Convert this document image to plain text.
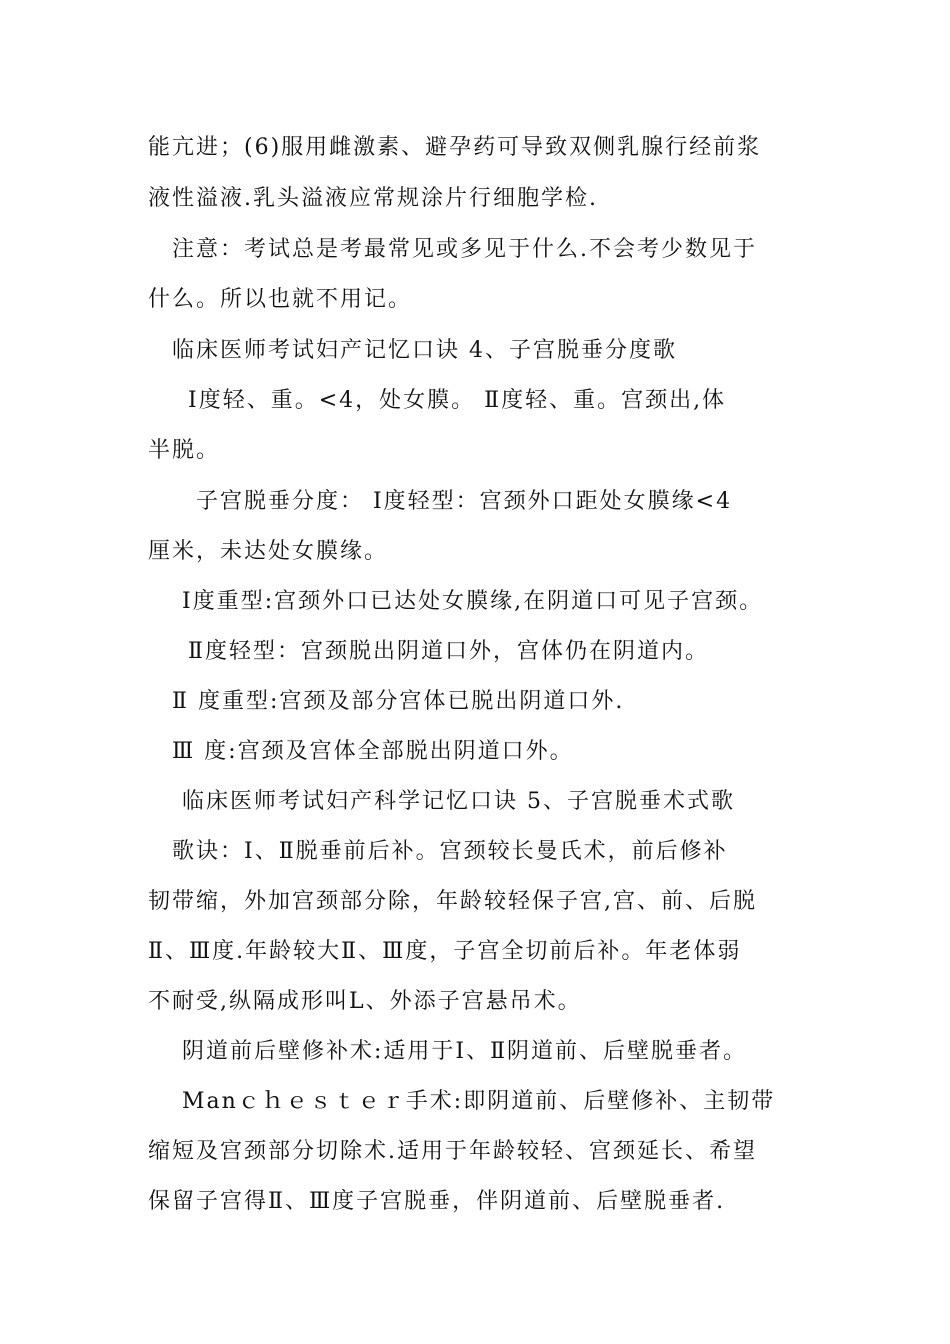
能亢进；(6)服用雌激素、避孕药可导致双侧乳腺行经前浆
液性溢液.乳头溢液应常规涂片行细胞学检.
注意：考试总是考最常见或多见于什么.不会考少数见于
什么。所以也就不用记。
临床医师考试妇产记忆口诀 4、子宫脱垂分度歌
Ⅰ度轻、重。<4，处女膜。 Ⅱ度轻、重。宫颈出,体
半脱。
子宫脱垂分度： Ⅰ度轻型：宫颈外口距处女膜缘<4
厘米，未达处女膜缘。
Ⅰ度重型:宫颈外口已达处女膜缘,在阴道口可见子宫颈。
Ⅱ度轻型：宫颈脱出阴道口外，宫体仍在阴道内。
Ⅱ 度重型:宫颈及部分宫体已脱出阴道口外.
Ⅲ 度:宫颈及宫体全部脱出阴道口外。
临床医师考试妇产科学记忆口诀 5、子宫脱垂术式歌
歌诀：Ⅰ、Ⅱ脱垂前后补。宫颈较长曼氏术，前后修补
韧带缩，外加宫颈部分除，年龄较轻保子宫,宫、前、后脱
Ⅱ、Ⅲ度.年龄较大Ⅱ、Ⅲ度，子宫全切前后补。年老体弱
不耐受,纵隔成形叫L、外添子宫悬吊术。
阴道前后壁修补术:适用于Ⅰ、Ⅱ阴道前、后壁脱垂者。
Manｃｈｅｓｔｅｒ手术:即阴道前、后壁修补、主韧带
缩短及宫颈部分切除术.适用于年龄较轻、宫颈延长、希望
保留子宫得Ⅱ、Ⅲ度子宫脱垂，伴阴道前、后壁脱垂者.
